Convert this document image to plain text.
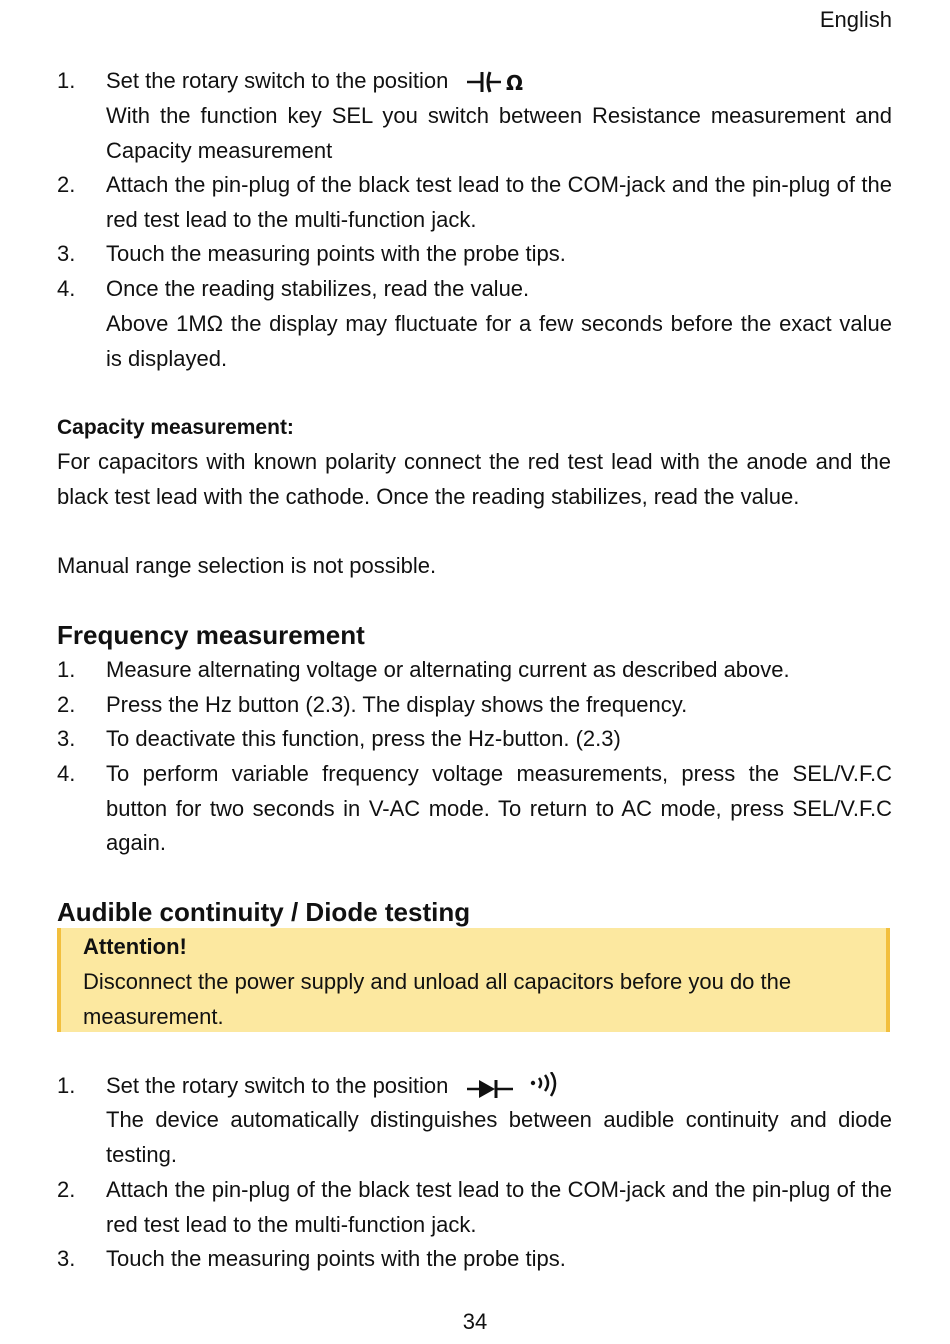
English
1.	Set the rotary switch to the position	Ω
With the function key SEL you switch between Resistance measurement and Capacity measurement
2.	Attach the pin-plug of the black test lead to the COM-jack and the pin-plug of the red test lead to the multi-function jack.
3.	Touch the measuring points with the probe tips.
4.	Once the reading stabilizes, read the value.
Above 1MΩ the display may fluctuate for a few seconds before the exact value is displayed.
Capacity measurement:
For capacitors with known polarity connect the red test lead with the anode and the black test lead with the cathode. Once the reading stabilizes, read the value.
Manual range selection is not possible.
Frequency measurement
1.	Measure alternating voltage or alternating current as described above.
2.	Press the Hz button (2.3). The display shows the frequency.
3.	To deactivate this function, press the Hz-button. (2.3)
4.	To perform variable frequency voltage measurements, press the SEL/V.F.C button for two seconds in V-AC mode. To return to AC mode, press SEL/V.F.C again.
Audible continuity / Diode testing
Attention!
Disconnect the power supply and unload all capacitors before you do the measurement.
1.	Set the rotary switch to the position
The device automatically distinguishes between audible continuity and diode testing.
2.	Attach the pin-plug of the black test lead to the COM-jack and the pin-plug of the red test lead to the multi-function jack.
3.	Touch the measuring points with the probe tips.
34
